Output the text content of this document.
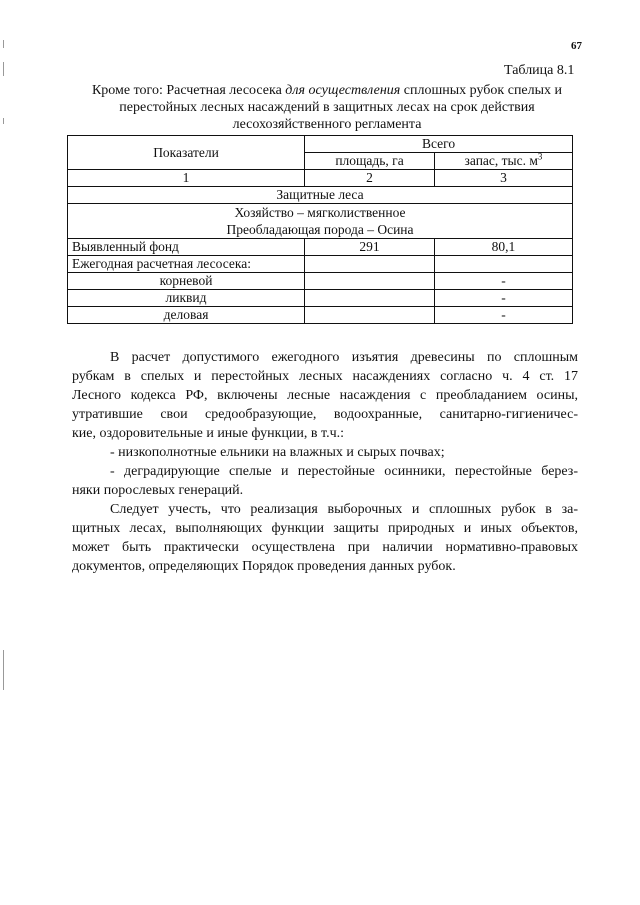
67
Таблица 8.1
Кроме того: Расчетная лесосека для осуществления сплошных рубок спелых и
перестойных лесных насаждений в защитных лесах на срок действия
лесохозяйственного регламента
Показатели	Всего	
	площадь, га	запас, тыс. $м^3$
1	2	3
Защитные леса		

Хозяйство – мягколиственное
Преобладающая порода – Осина		

Выявленный фонд	291	80,1
Ежегодная расчетная лесосека:		
корневой		-
ликвид		-
деловая		-
В расчет допустимого ежегодного изъятия древесины по сплошным
рубкам в спелых и перестойных лесных насаждениях согласно ч. 4 ст. 17
Лесного кодекса РФ, включены лесные насаждения с преобладанием осины,
утратившие свои средообразующие, водоохранные, санитарно-гигиеничес-
кие, оздоровительные и иные функции, в т.ч.:
- низкополнотные ельники на влажных и сырых почвах;
- деградирующие спелые и перестойные осинники, перестойные берез-
няки порослевых генераций.
Следует учесть, что реализация выборочных и сплошных рубок в за-
щитных лесах, выполняющих функции защиты природных и иных объектов,
может быть практически осуществлена при наличии нормативно-правовых
документов, определяющих Порядок проведения данных рубок.
